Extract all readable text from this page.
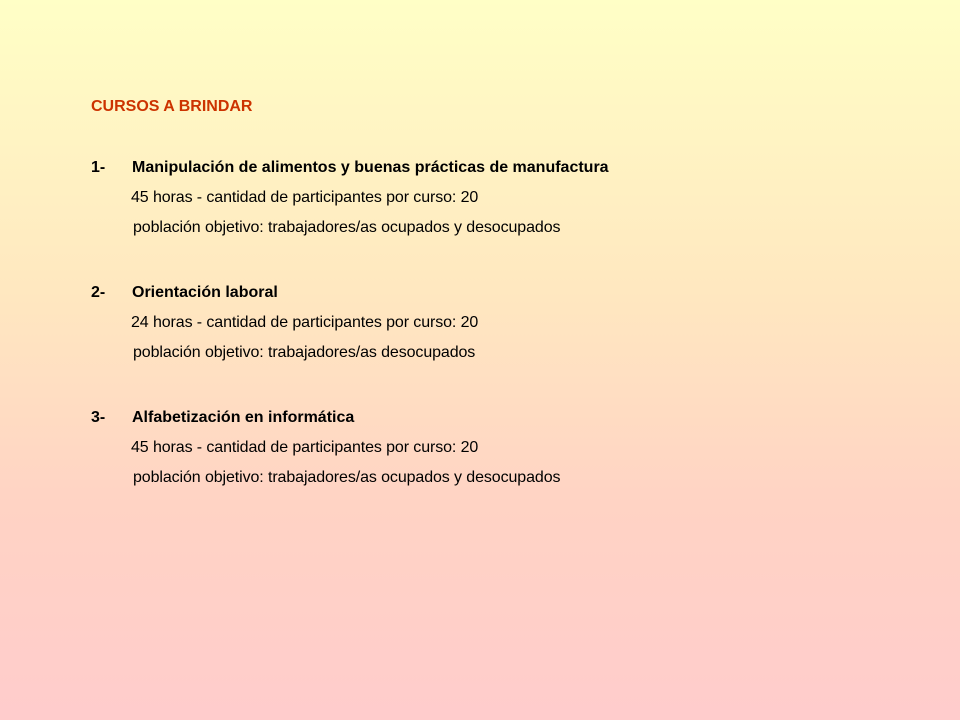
CURSOS A BRINDAR
1-	Manipulación de alimentos y buenas prácticas de manufactura
45 horas - cantidad de participantes por curso: 20
población objetivo: trabajadores/as ocupados y desocupados
2-	Orientación laboral
24 horas - cantidad de participantes por curso: 20
población objetivo: trabajadores/as desocupados
3-	Alfabetización en informática
45 horas - cantidad de participantes por curso: 20
población objetivo: trabajadores/as ocupados y desocupados
